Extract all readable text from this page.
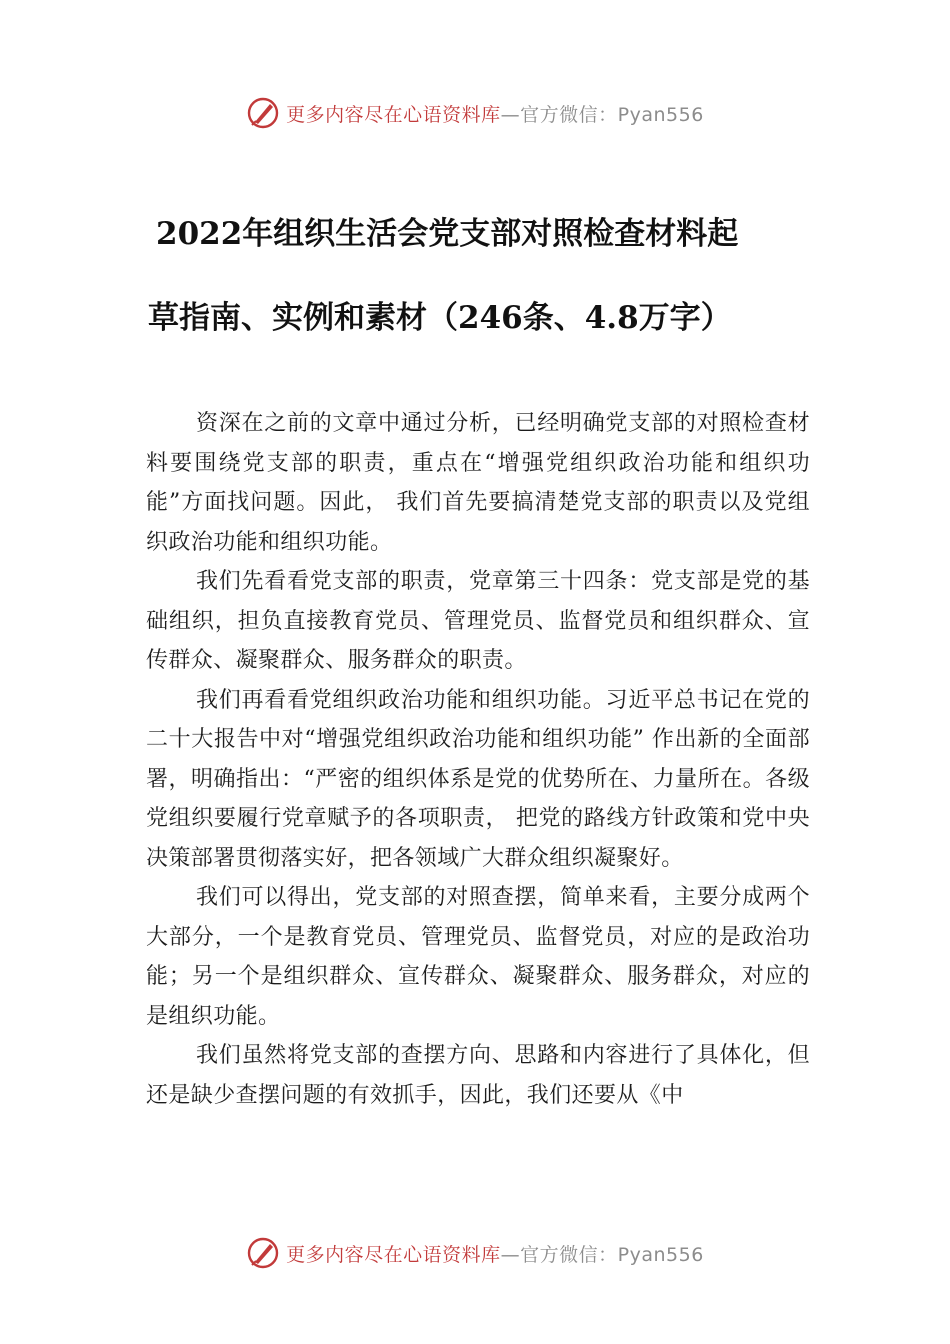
更多内容尽在心语资料库—官方微信：Pyan556
2022年组织生活会党支部对照检查材料起
草指南、实例和素材（246条、4.8万字）

资深在之前的文章中通过分析，已经明确党支部的对照检查材料要围绕党支部的职责，重点在“增强党组织政治功能和组织功能”方面找问题。因此， 我们首先要搞清楚党支部的职责以及党组织政治功能和组织功能。

我们先看看党支部的职责，党章第三十四条：党支部是党的基础组织，担负直接教育党员、管理党员、监督党员和组织群众、宣传群众、凝聚群众、服务群众的职责。

我们再看看党组织政治功能和组织功能。习近平总书记在党的二十大报告中对“增强党组织政治功能和组织功能” 作出新的全面部署，明确指出：“严密的组织体系是党的优势所在、力量所在。各级党组织要履行党章赋予的各项职责， 把党的路线方针政策和党中央决策部署贯彻落实好，把各领域广大群众组织凝聚好。

我们可以得出，党支部的对照查摆，简单来看，主要分成两个大部分，一个是教育党员、管理党员、监督党员，对应的是政治功能；另一个是组织群众、宣传群众、凝聚群众、服务群众，对应的是组织功能。

我们虽然将党支部的查摆方向、思路和内容进行了具体化，但还是缺少查摆问题的有效抓手，因此，我们还要从《中

更多内容尽在心语资料库—官方微信：Pyan556
